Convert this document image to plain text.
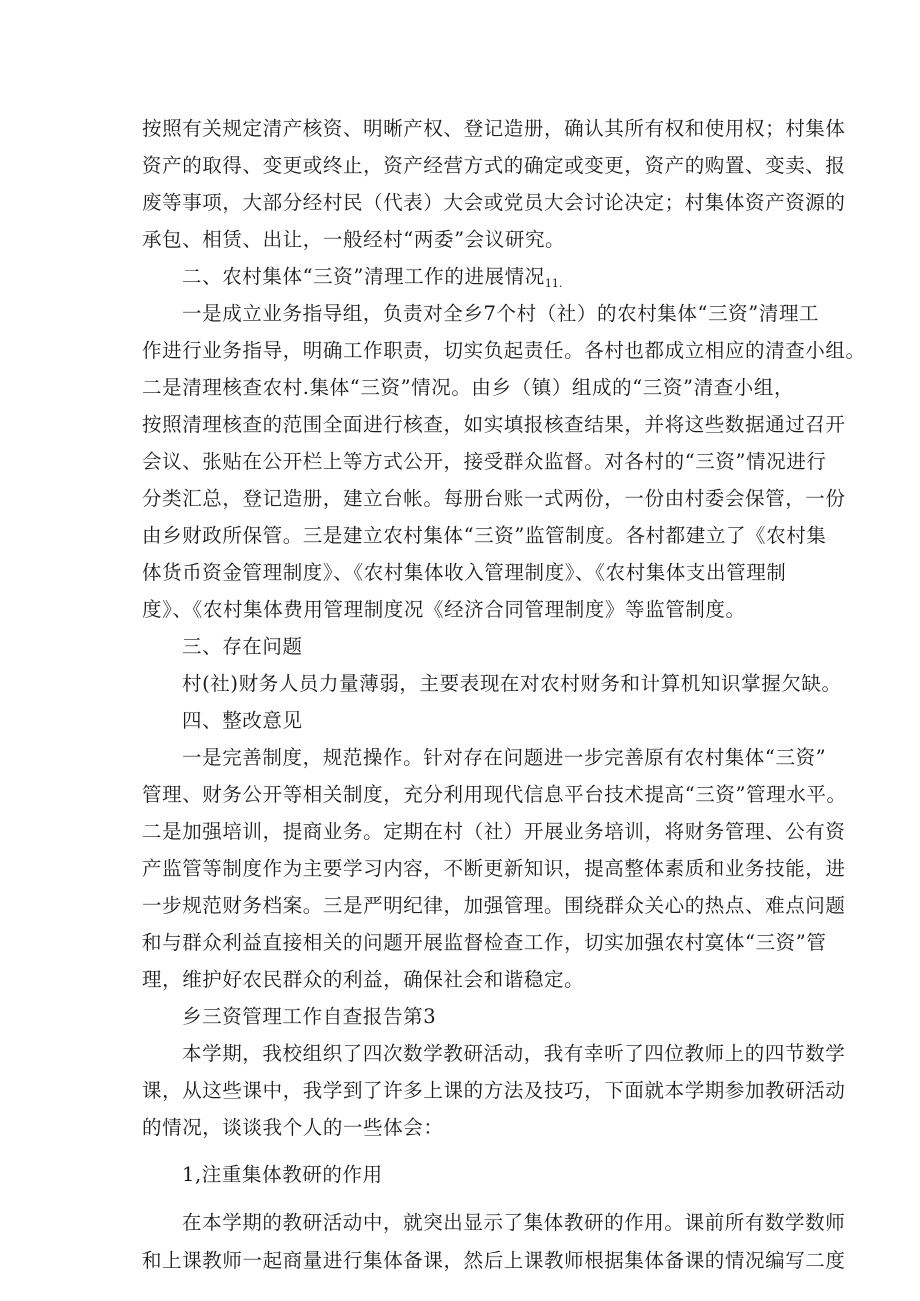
按照有关规定清产核资、明晰产权、登记造册，确认其所有权和使用权；村集体
资产的取得、变更或终止，资产经营方式的确定或变更，资产的购置、变卖、报
废等事项，大部分经村民（代表）大会或党员大会讨论决定；村集体资产资源的
承包、相赁、出让，一般经村“两委”会议研究。
二、农村集体“三资”清理工作的进展情况$_{11.}$
一是成立业务指导组，负责对全乡7个村（社）的农村集体“三资”清理工
作进行业务指导，明确工作职责，切实负起责任。各村也都成立相应的清查小组。
二是清理核查农村.集体“三资”情况。由乡（镇）组成的“三资”清查小组，
按照清理核查的范围全面进行核查，如实填报核查结果，并将这些数据通过召开
会议、张贴在公开栏上等方式公开，接受群众监督。对各村的“三资”情况进行
分类汇总，登记造册，建立台帐。每册台账一式两份，一份由村委会保管，一份
由乡财政所保管。三是建立农村集体“三资”监管制度。各村都建立了《农村集
体货币资金管理制度》、《农村集体收入管理制度》、《农村集体支出管理制
度》、《农村集体费用管理制度况《经济合同管理制度》等监管制度。
三、存在问题
村(社)财务人员力量薄弱，主要表现在对农村财务和计算机知识掌握欠缺。
四、整改意见
一是完善制度，规范操作。针对存在问题进一步完善原有农村集体“三资”
管理、财务公开等相关制度，充分利用现代信息平台技术提高“三资”管理水平。
二是加强培训，提商业务。定期在村（社）开展业务培训，将财务管理、公有资
产监管等制度作为主要学习内容，不断更新知识，提高整体素质和业务技能，进
一步规范财务档案。三是严明纪律，加强管理。围绕群众关心的热点、难点问题
和与群众利益直接相关的问题开展监督检查工作，切实加强农村寞体“三资”管
理，维护好农民群众的利益，确保社会和谐稳定。
乡三资管理工作自查报告第3
本学期，我校组织了四次数学教研活动，我有幸听了四位教师上的四节数学
课，从这些课中，我学到了许多上课的方法及技巧，下面就本学期参加教研活动
的情况，谈谈我个人的一些体会：
1,注重集体教研的作用
在本学期的教研活动中，就突出显示了集体教研的作用。课前所有数学数师
和上课教师一起商量进行集体备课，然后上课教师根据集体备课的情况编写二度
